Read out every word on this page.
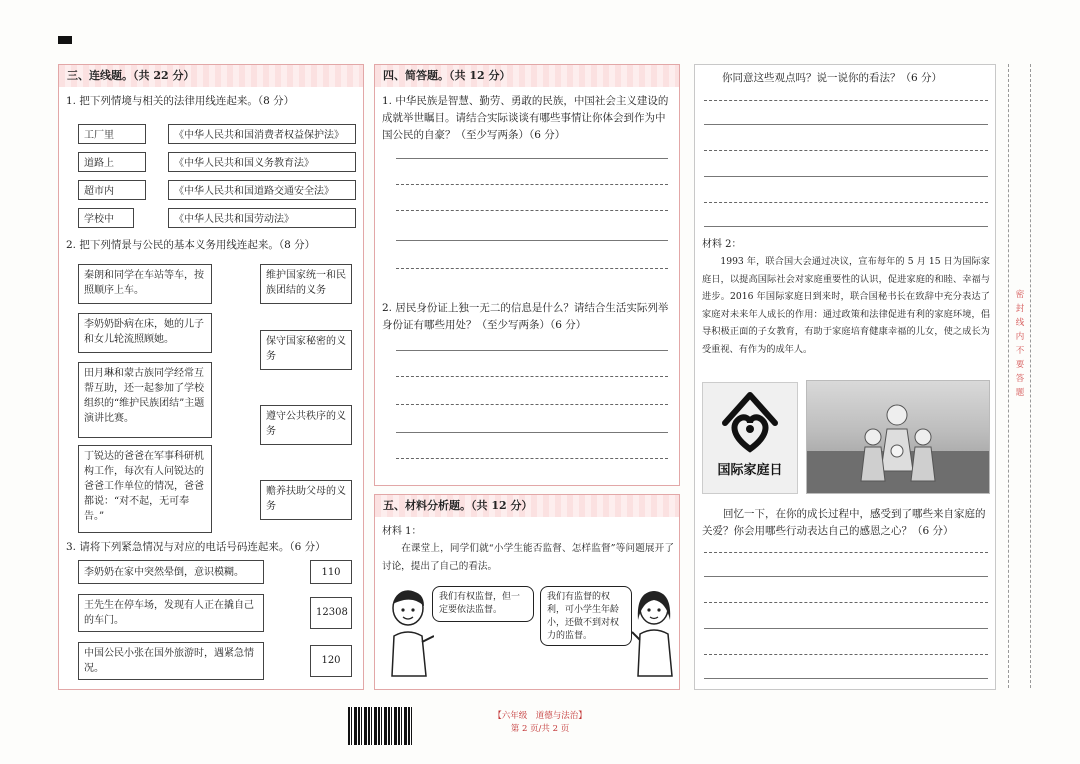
三、连线题。（共 22 分）
1. 把下列情境与相关的法律用线连起来。（8 分）
工厂里
道路上
超市内
学校中
《中华人民共和国消费者权益保护法》
《中华人民共和国义务教育法》
《中华人民共和国道路交通安全法》
《中华人民共和国劳动法》
2. 把下列情景与公民的基本义务用线连起来。（8 分）
秦朗和同学在车站等车，按照顺序上车。
李奶奶卧病在床，她的儿子和女儿轮流照顾她。
田月琳和蒙古族同学经常互帮互助，还一起参加了学校组织的“维护民族团结”主题演讲比赛。
丁锐达的爸爸在军事科研机构工作，每次有人问锐达的爸爸工作单位的情况，爸爸都说：“对不起，无可奉告。”
维护国家统一和民族团结的义务
保守国家秘密的义务
遵守公共秩序的义务
赡养扶助父母的义务
3. 请将下列紧急情况与对应的电话号码连起来。（6 分）
李奶奶在家中突然晕倒，意识模糊。
王先生在停车场，发现有人正在撬自己的车门。
中国公民小张在国外旅游时，遇紧急情况。
110
12308
120
四、简答题。（共 12 分）
1. 中华民族是智慧、勤劳、勇敢的民族，中国社会主义建设的成就举世瞩目。请结合实际谈谈有哪些事情让你体会到作为中国公民的自豪？（至少写两条）（6 分）
2. 居民身份证上独一无二的信息是什么？请结合生活实际列举身份证有哪些用处？（至少写两条）（6 分）
五、材料分析题。（共 12 分）
材料 1：
在课堂上，同学们就“小学生能否监督、怎样监督”等问题展开了讨论，提出了自己的看法。
我们有权监督，但一定要依法监督。
我们有监督的权利，可小学生年龄小，还做不到对权力的监督。
你同意这些观点吗？说一说你的看法？（6 分）
材料 2：
1993 年，联合国大会通过决议，宣布每年的 5 月 15 日为国际家庭日，以提高国际社会对家庭重要性的认识，促进家庭的和睦、幸福与进步。2016 年国际家庭日到来时，联合国秘书长在致辞中充分表达了家庭对未来年人成长的作用：通过政策和法律促进有利的家庭环境，倡导积极正面的子女教育，有助于家庭培育健康幸福的儿女，使之成长为受重视、有作为的成年人。
国际家庭日
回忆一下，在你的成长过程中，感受到了哪些来自家庭的关爱？你会用哪些行动表达自己的感恩之心？（6 分）
密 封 线 内 不 要 答 题
【六年级　道德与法治】
第 2 页/共 2 页
